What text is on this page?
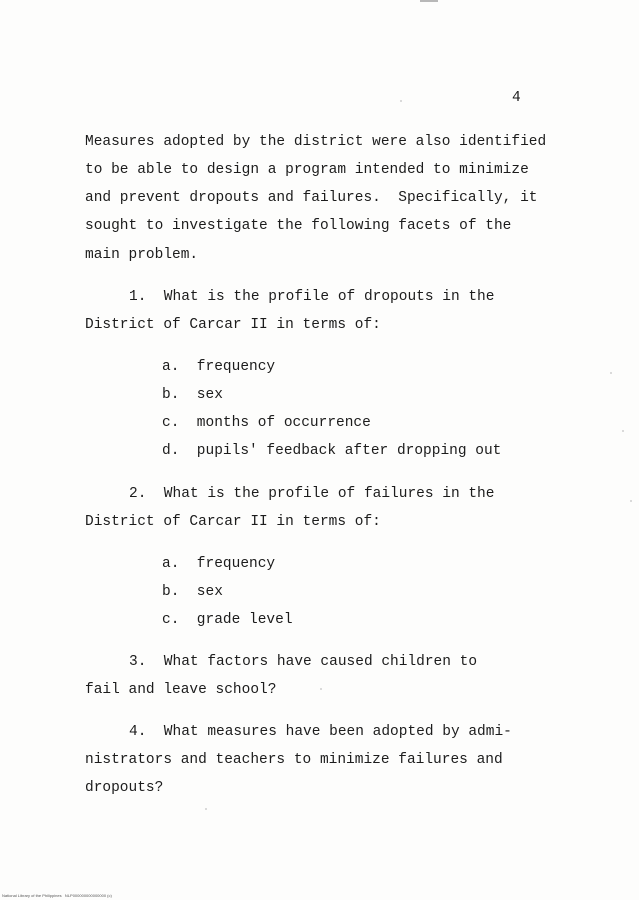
4
Measures adopted by the district were also identified
to be able to design a program intended to minimize
and prevent dropouts and failures.  Specifically, it
sought to investigate the following facets of the
main problem.
1.  What is the profile of dropouts in the
District of Carcar II in terms of:
a.  frequency
b.  sex
c.  months of occurrence
d.  pupils' feedback after dropping out
2.  What is the profile of failures in the
District of Carcar II in terms of:
a.  frequency
b.  sex
c.  grade level
3.  What factors have caused children to
fail and leave school?
4.  What measures have been adopted by admi-
nistrators and teachers to minimize failures and
dropouts?
National Library of the Philippines   NLP000000000000000 (c)
